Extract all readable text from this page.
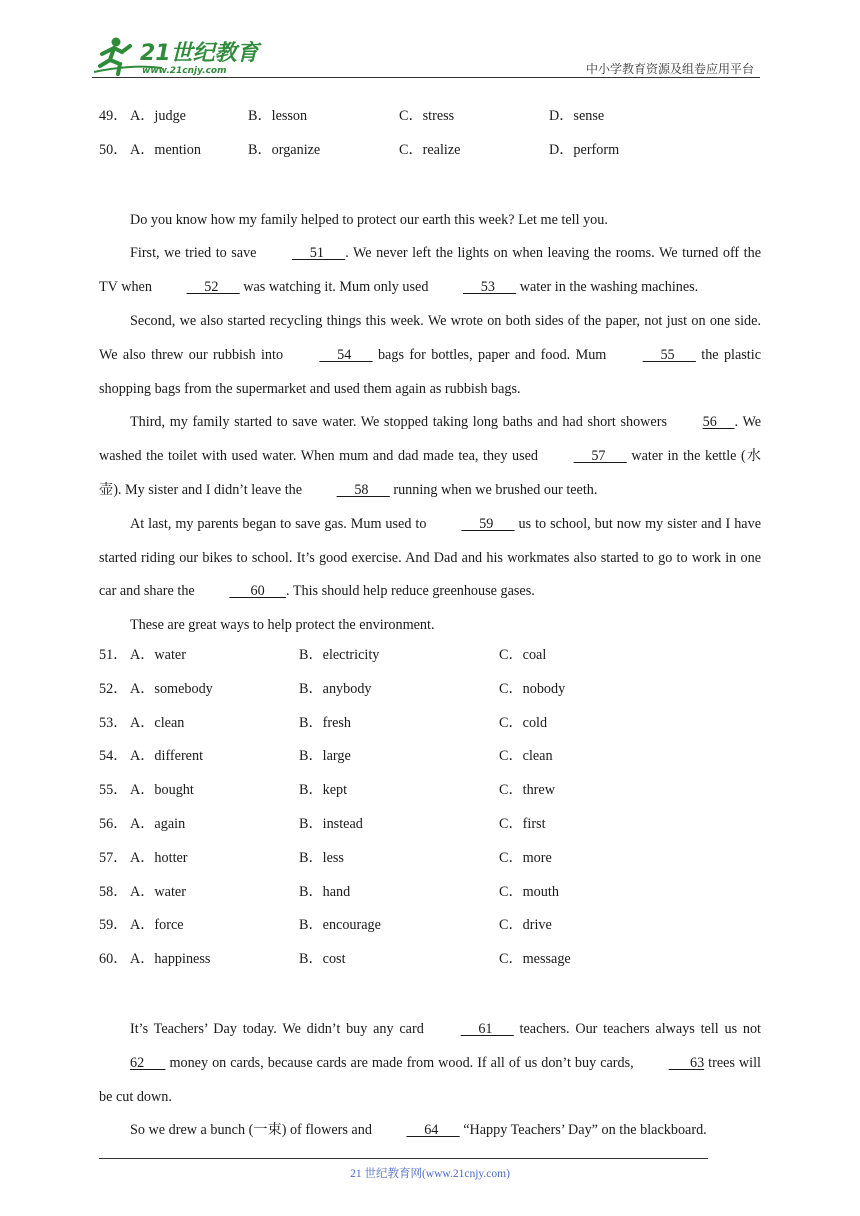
21世纪教育
www.21cnjy.com	中小学教育资源及组卷应用平台
49． A．judge	B．lesson	C．stress	D．sense
50． A．mention	B．organize	C．realize	D．perform

Do you know how my family helped to protect our earth this week? Let me tell you.

First, we tried to save      51      . We never left the lights on when leaving the rooms. We turned off the TV when      52       was watching it. Mum only used      53       water in the washing machines.

Second, we also started recycling things this week. We wrote on both sides of the paper, not just on one side. We also threw our rubbish into      54       bags for bottles, paper and food. Mum      55       the plastic shopping bags from the supermarket and used them again as rubbish bags.

Third, my family started to save water. We stopped taking long baths and had short showers 56     . We washed the toilet with used water. When mum and dad made tea, they used      57       water in the kettle (水壶). My sister and I didn’t leave the      58       running when we brushed our teeth.

At last, my parents began to save gas. Mum used to      59       us to school, but now my sister and I have started riding our bikes to school. It’s good exercise. And Dad and his workmates also started to go to work in one car and share the       60      . This should help reduce greenhouse gases.

These are great ways to help protect the environment.

51． A．water	B．electricity	C．coal
52． A．somebody	B．anybody	C．nobody
53． A．clean	B．fresh	C．cold
54． A．different	B．large	C．clean
55． A．bought	B．kept	C．threw
56． A．again	B．instead	C．first
57． A．hotter	B．less	C．more
58． A．water	B．hand	C．mouth
59． A．force	B．encourage	C．drive
60． A．happiness	B．cost	C．message

It’s Teachers’ Day today. We didn’t buy any card      61       teachers. Our teachers always tell us not 62       money on cards, because cards are made from wood. If all of us don’t buy cards,       63 trees will be cut down.

So we drew a bunch (一束) of flowers and      64       “Happy Teachers’ Day” on the blackboard.

21 世纪教育网(www.21cnjy.com)
